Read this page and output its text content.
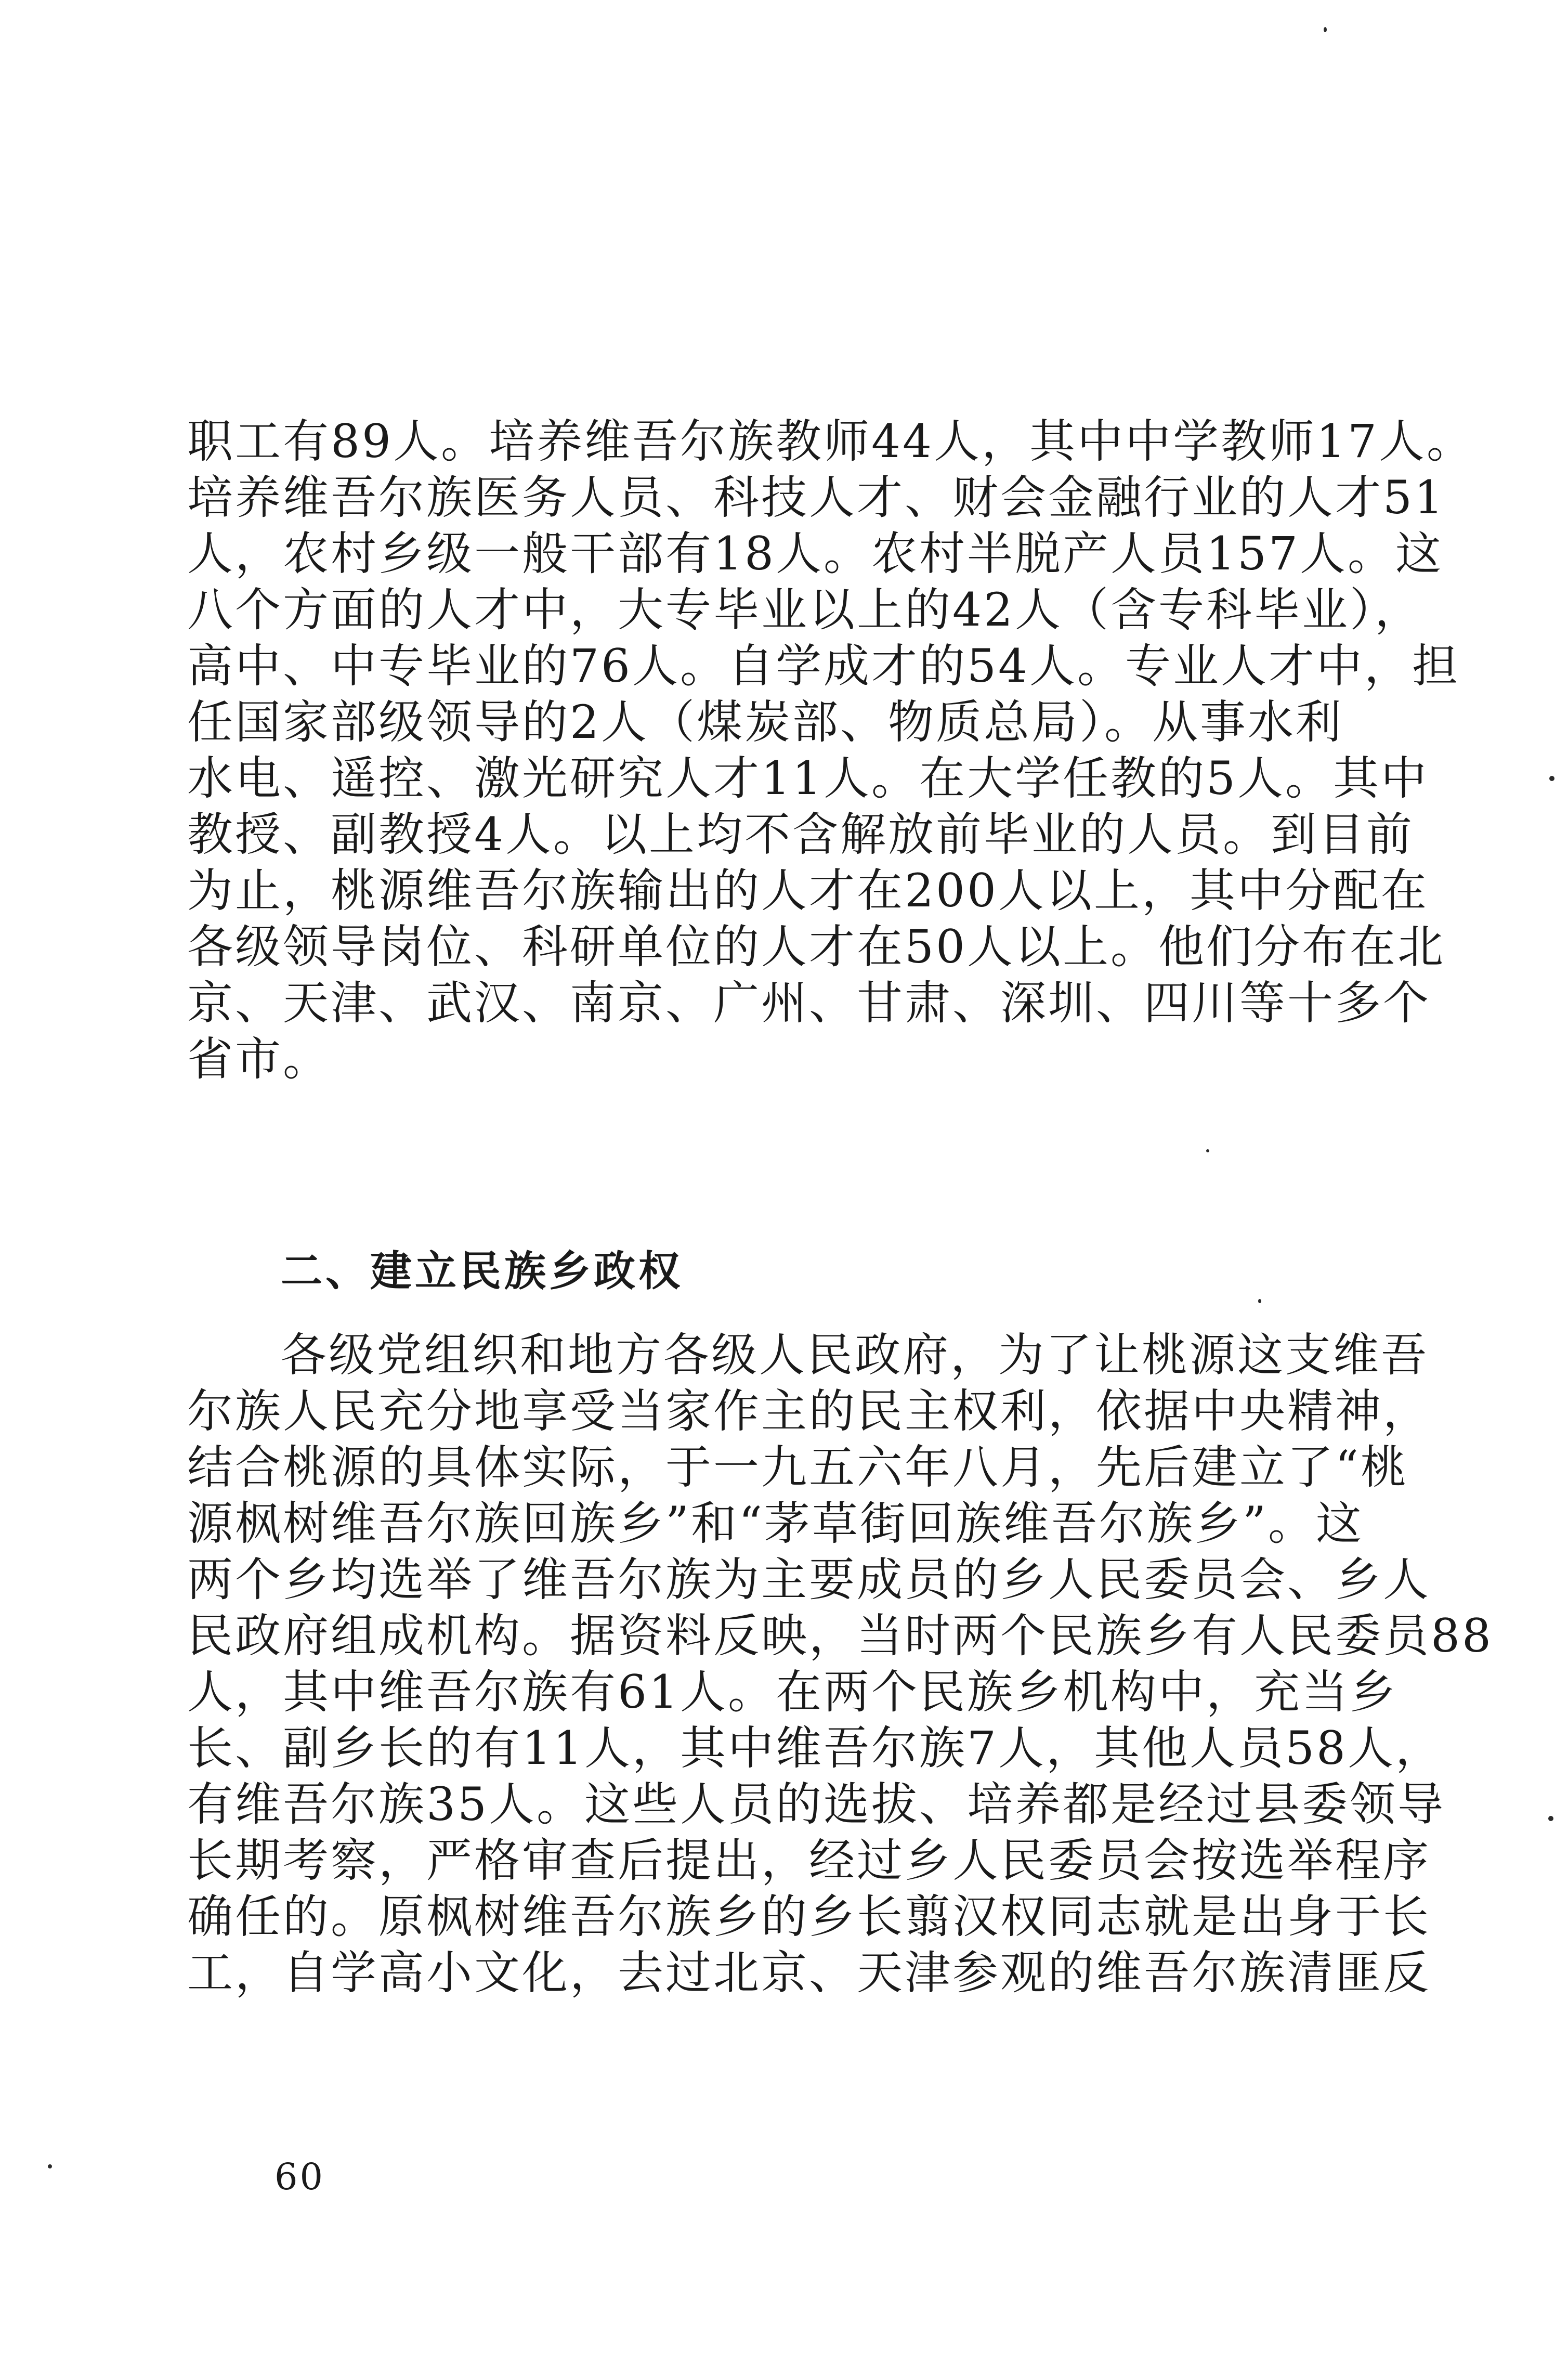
职工有89人。培养维吾尔族教师44人，其中中学教师17人。

培养维吾尔族医务人员、科技人才、财会金融行业的人才51

人，农村乡级一般干部有18人。农村半脱产人员157人。这

八个方面的人才中，大专毕业以上的42人（含专科毕业），

高中、中专毕业的76人。自学成才的54人。专业人才中，担

任国家部级领导的2人（煤炭部、物质总局）。从事水利

水电、遥控、激光研究人才11人。在大学任教的5人。其中

教授、副教授4人。以上均不含解放前毕业的人员。到目前

为止，桃源维吾尔族输出的人才在200人以上，其中分配在

各级领导岗位、科研单位的人才在50人以上。他们分布在北

京、天津、武汉、南京、广州、甘肃、深圳、四川等十多个

省市。

二、建立民族乡政权

各级党组织和地方各级人民政府，为了让桃源这支维吾

尔族人民充分地享受当家作主的民主权利，依据中央精神，

结合桃源的具体实际，于一九五六年八月，先后建立了“桃

源枫树维吾尔族回族乡”和“茅草街回族维吾尔族乡”。这

两个乡均选举了维吾尔族为主要成员的乡人民委员会、乡人

民政府组成机构。据资料反映，当时两个民族乡有人民委员88

人，其中维吾尔族有61人。在两个民族乡机构中，充当乡

长、副乡长的有11人，其中维吾尔族7人，其他人员58人，

有维吾尔族35人。这些人员的选拔、培养都是经过县委领导

长期考察，严格审查后提出，经过乡人民委员会按选举程序

确任的。原枫树维吾尔族乡的乡长翦汉权同志就是出身于长

工，自学高小文化，去过北京、天津参观的维吾尔族清匪反

60
